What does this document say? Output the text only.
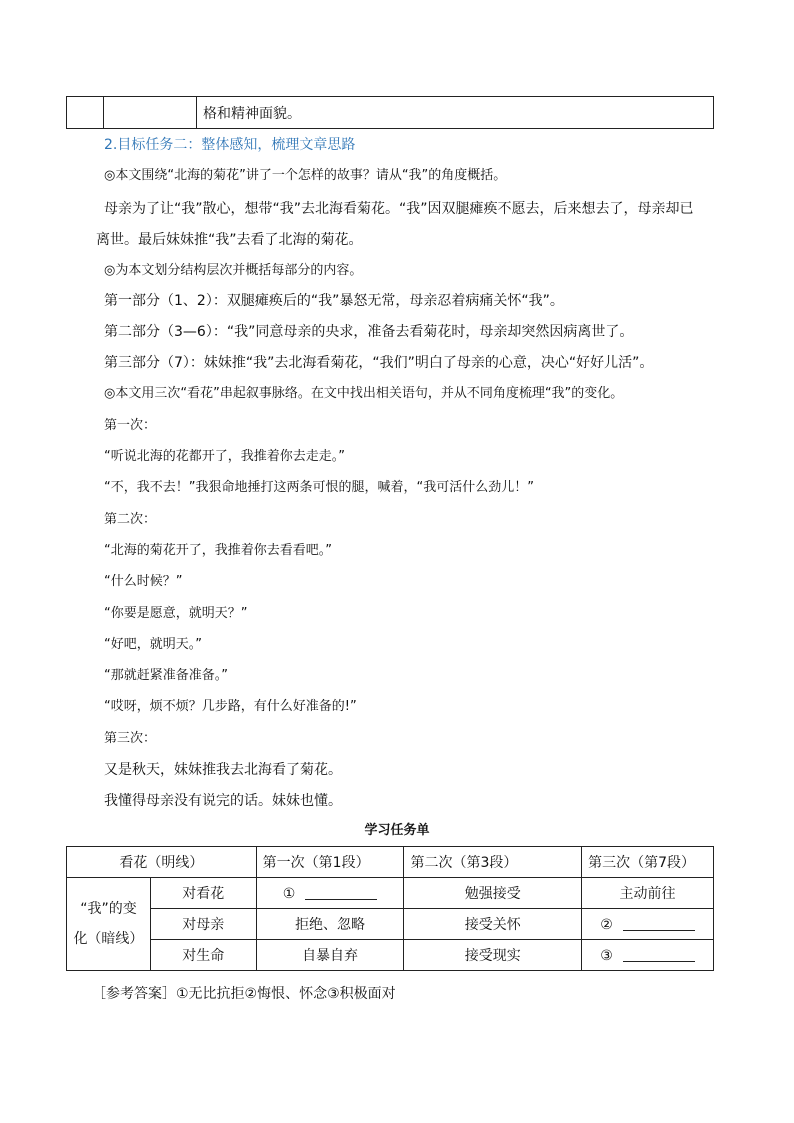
		格和精神面貌。
2.目标任务二：整体感知，梳理文章思路
◎本文围绕“北海的菊花”讲了一个怎样的故事？请从“我”的角度概括。
母亲为了让“我”散心，想带“我”去北海看菊花。“我”因双腿瘫痪不愿去，后来想去了，母亲却已
离世。最后妹妹推“我”去看了北海的菊花。
◎为本文划分结构层次并概括每部分的内容。
第一部分（1、2）：双腿瘫痪后的“我”暴怒无常，母亲忍着病痛关怀“我”。
第二部分（3—6）：“我”同意母亲的央求，准备去看菊花时，母亲却突然因病离世了。
第三部分（7）：妹妹推“我”去北海看菊花，“我们”明白了母亲的心意，决心“好好儿活”。
◎本文用三次“看花”串起叙事脉络。在文中找出相关语句，并从不同角度梳理“我”的变化。
第一次：
“听说北海的花都开了，我推着你去走走。”
“不，我不去！”我狠命地捶打这两条可恨的腿，喊着，“我可活什么劲儿！”
第二次：
“北海的菊花开了，我推着你去看看吧。”
“什么时候？”
“你要是愿意，就明天？”
“好吧，就明天。”
“那就赶紧准备准备。”
“哎呀，烦不烦？几步路，有什么好准备的!”
第三次：
又是秋天，妹妹推我去北海看了菊花。
我懂得母亲没有说完的话。妹妹也懂。
学习任务单
看花（明线）		第一次（第1段）	第二次（第3段）	第三次（第7段）

“我”的变
化（暗线）	对看花	①	勉强接受	主动前往
	对母亲	拒绝、忽略	接受关怀	②
	对生命	自暴自弃	接受现实	③
［参考答案］①无比抗拒②悔恨、怀念③积极面对
